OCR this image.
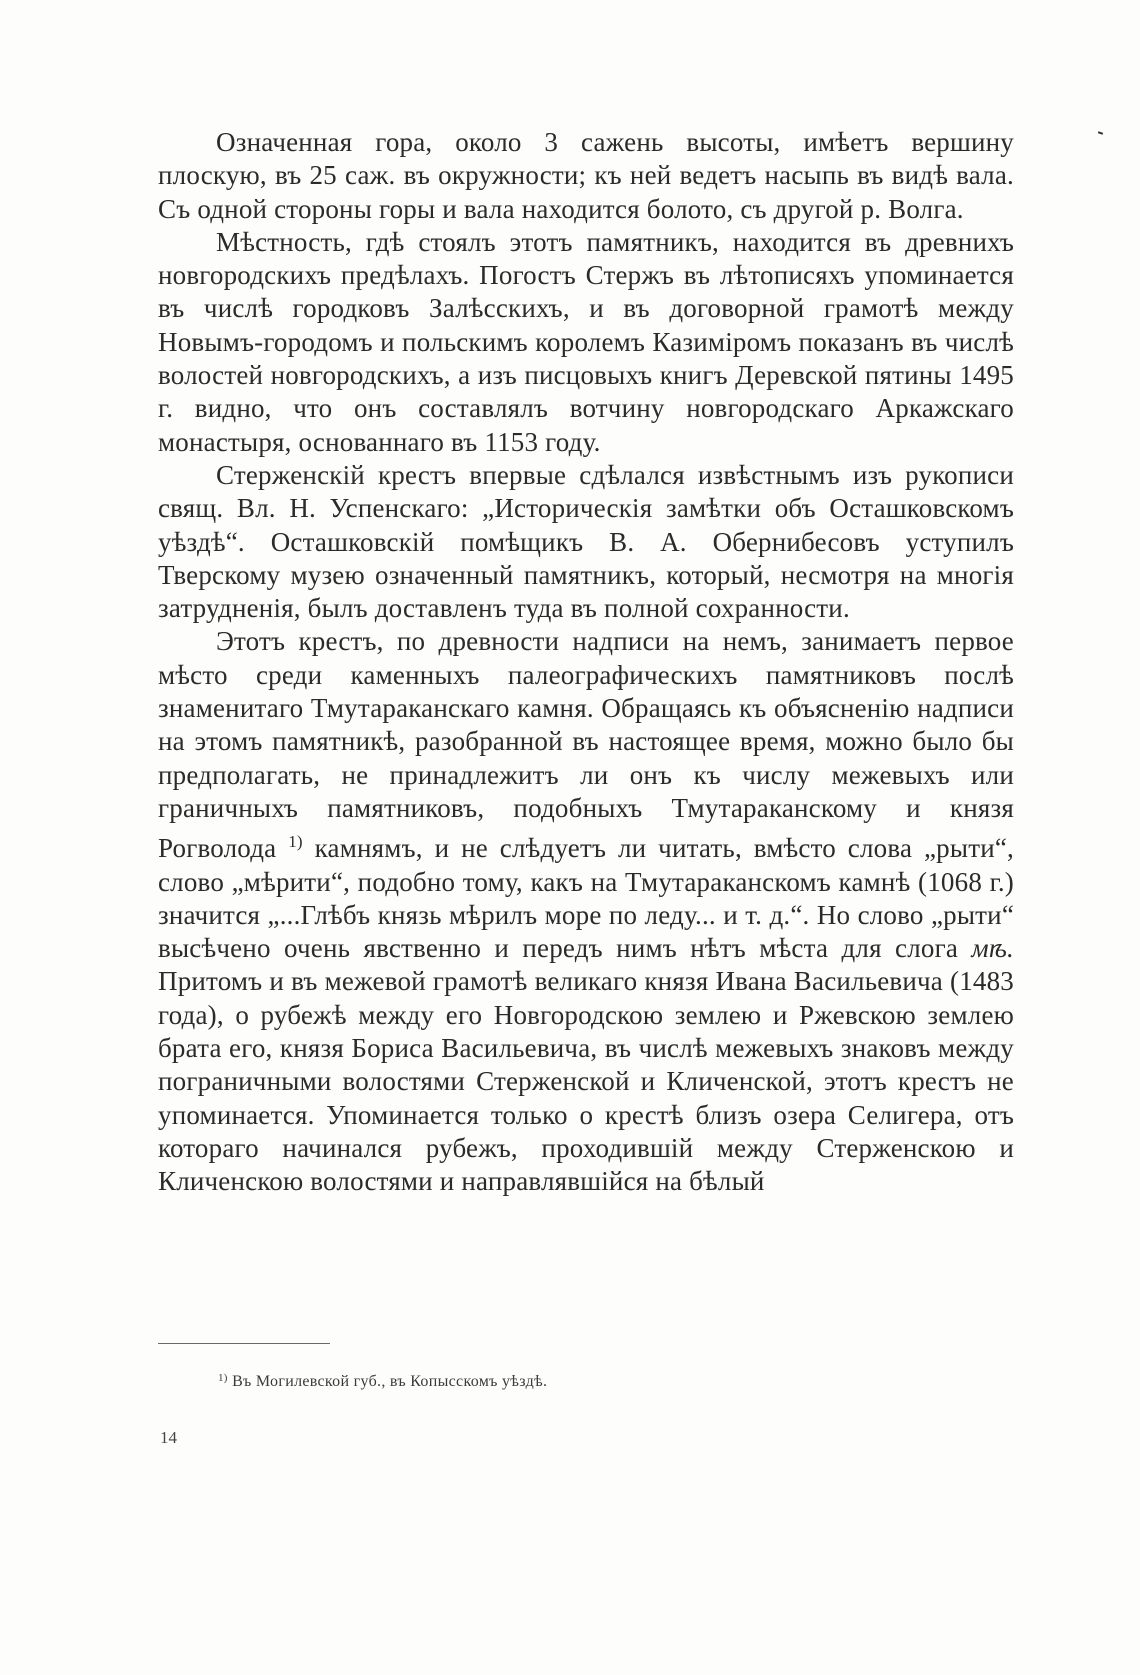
Означенная гора, около 3 сажень высоты, имѣетъ вершину плоскую, въ 25 саж. въ окружности; къ ней ведетъ насыпь въ видѣ вала. Съ одной стороны горы и вала находится болото, съ другой р. Волга.

Мѣстность, гдѣ стоялъ этотъ памятникъ, находится въ древнихъ новгородскихъ предѣлахъ. Погостъ Стержъ въ лѣтописяхъ упоминается въ числѣ городковъ Залѣсскихъ, и въ договорной грамотѣ между Новымъ-городомъ и польскимъ королемъ Казиміромъ показанъ въ числѣ волостей новгородскихъ, а изъ писцовыхъ книгъ Деревской пятины 1495 г. видно, что онъ составлялъ вотчину новгородскаго Аркажскаго монастыря, основаннаго въ 1153 году.

Стерженскій крестъ впервые сдѣлался извѣстнымъ изъ рукописи свящ. Вл. Н. Успенскаго: „Историческія замѣтки объ Осташковскомъ уѣздѣ“. Осташковскій помѣщикъ В. А. Обернибесовъ уступилъ Тверскому музею означенный памятникъ, который, несмотря на многія затрудненія, былъ доставленъ туда въ полной сохранности.

Этотъ крестъ, по древности надписи на немъ, занимаетъ первое мѣсто среди каменныхъ палеографическихъ памятниковъ послѣ знаменитаго Тмутараканскаго камня. Обращаясь къ объясненію надписи на этомъ памятникѣ, разобранной въ настоящее время, можно было бы предполагать, не принадлежитъ ли онъ къ числу межевыхъ или граничныхъ памятниковъ, подобныхъ Тмутараканскому и князя Рогволода $^{1)}$ камнямъ, и не слѣдуетъ ли читать, вмѣсто слова „рыти“, слово „мѣрити“, подобно тому, какъ на Тмутараканскомъ камнѣ (1068 г.) значится „...Глѣбъ князь мѣрилъ море по леду... и т. д.“. Но слово „рыти“ высѣчено очень явственно и передъ нимъ нѣтъ мѣста для слога мѣ. Притомъ и въ межевой грамотѣ великаго князя Ивана Васильевича (1483 года), о рубежѣ между его Новгородскою землею и Ржевскою землею брата его, князя Бориса Васильевича, въ числѣ межевыхъ знаковъ между пограничными волостями Стерженской и Кличенской, этотъ крестъ не упоминается. Упоминается только о крестѣ близъ озера Селигера, отъ котораго начинался рубежъ, проходившій между Стерженскою и Кличенскою волостями и направлявшійся на бѣлый

$^{1)}$ Въ Могилевской губ., въ Копысскомъ уѣздѣ.
14
